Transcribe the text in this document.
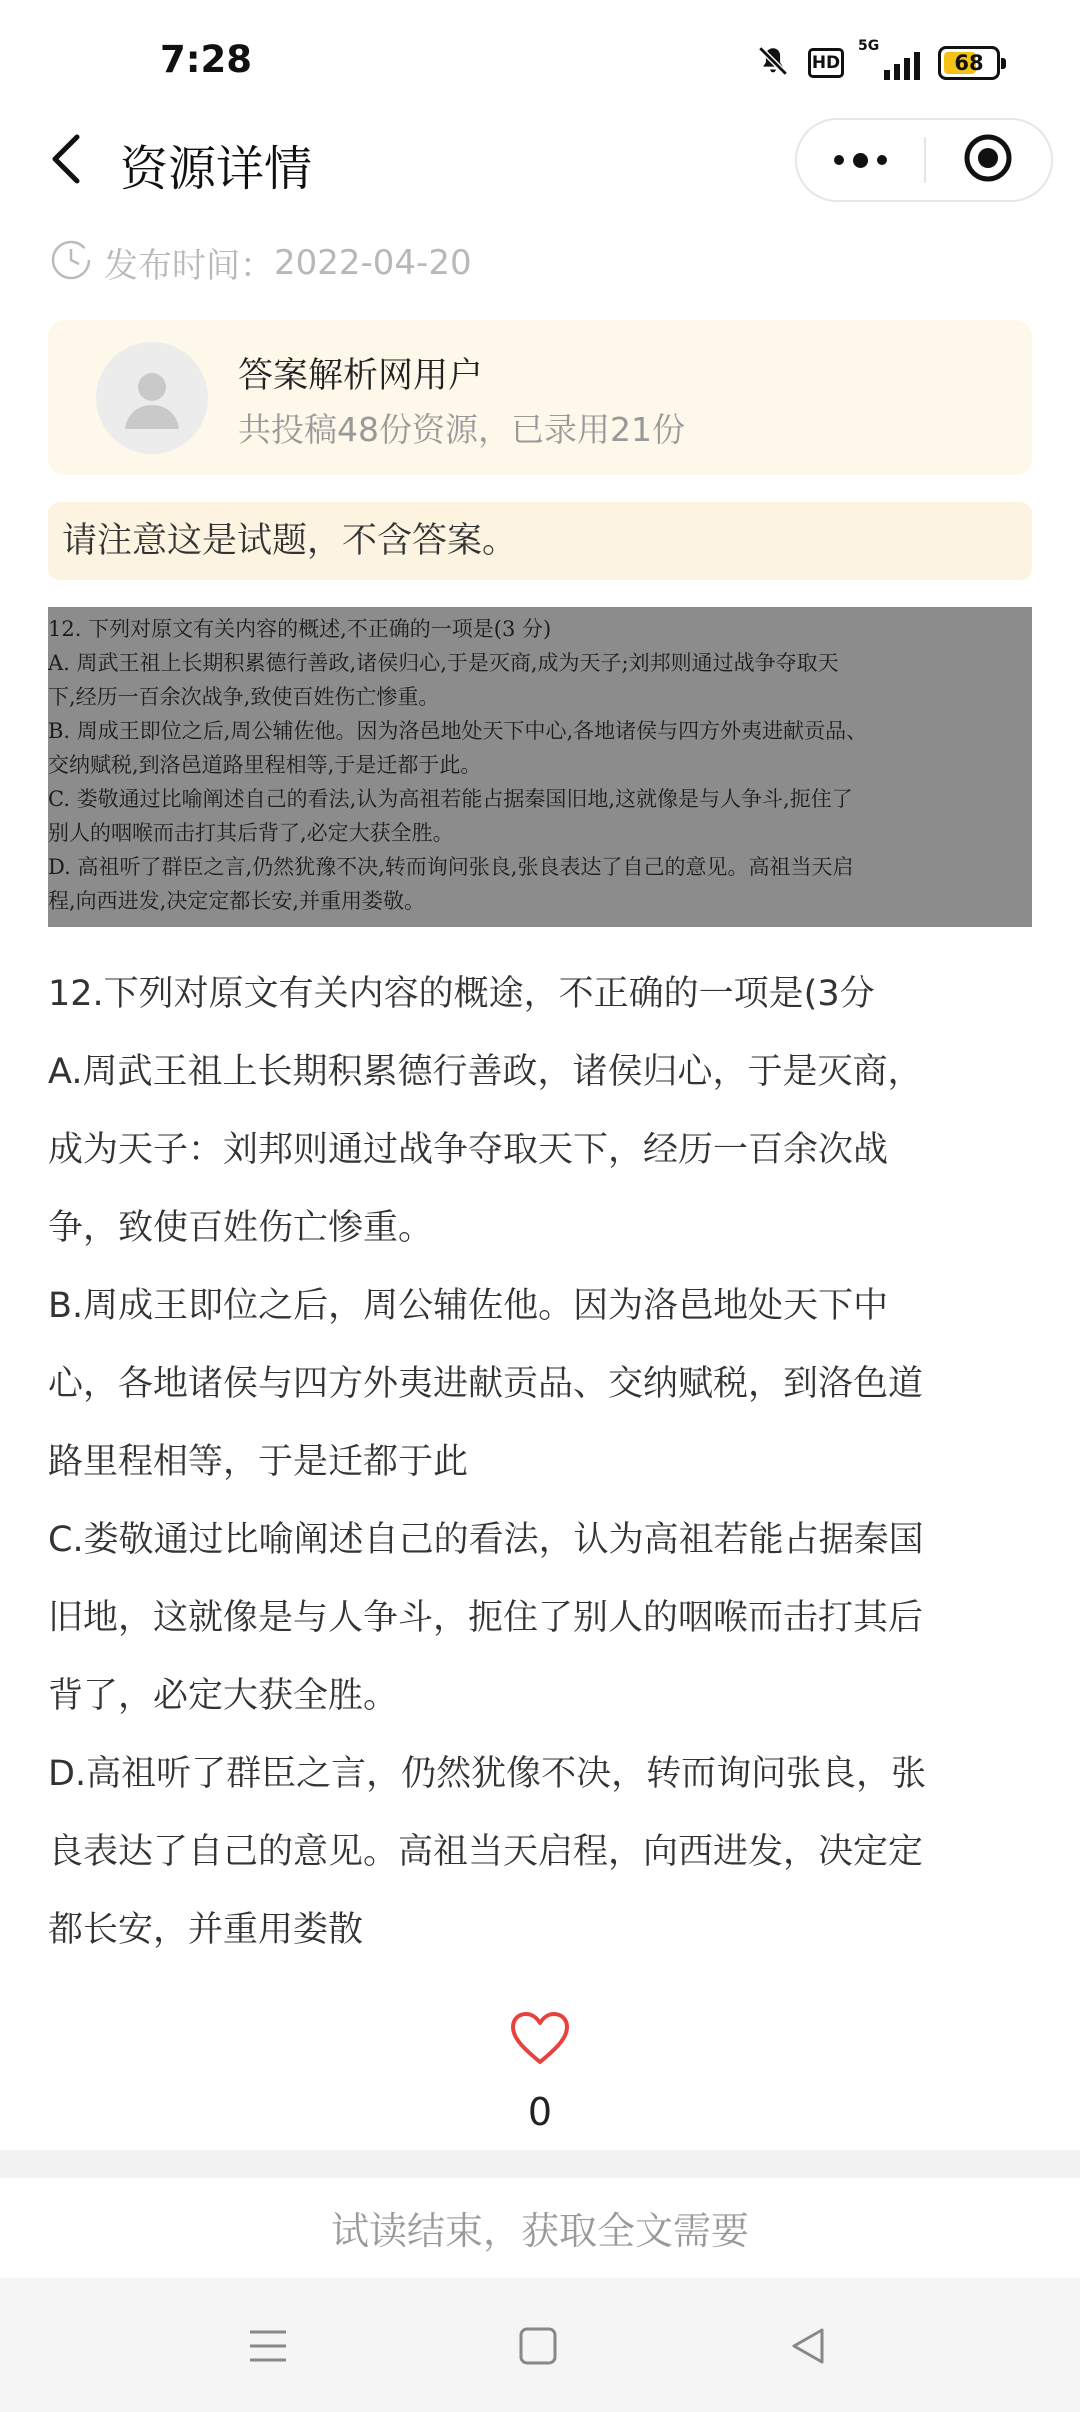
7:28	HD
5G
68
资源详情
发布时间： 2022-04-20
答案解析网用户
共投稿48份资源，已录用21份
请注意这是试题，不含答案。
12. 下列对原文有关内容的概述,不正确的一项是(3 分)
A. 周武王祖上长期积累德行善政,诸侯归心,于是灭商,成为天子;刘邦则通过战争夺取天
下,经历一百余次战争,致使百姓伤亡惨重。
B. 周成王即位之后,周公辅佐他。因为洛邑地处天下中心,各地诸侯与四方外夷进献贡品、
交纳赋税,到洛邑道路里程相等,于是迁都于此。
C. 娄敬通过比喻阐述自己的看法,认为高祖若能占据秦国旧地,这就像是与人争斗,扼住了
别人的咽喉而击打其后背了,必定大获全胜。
D. 高祖听了群臣之言,仍然犹豫不决,转而询问张良,张良表达了自己的意见。高祖当天启
程,向西进发,决定定都长安,并重用娄敬。

12.下列对原文有关内容的概途，不正确的一项是(3分

A.周武王祖上长期积累德行善政，诸侯归心，于是灭商，

成为天子：刘邦则通过战争夺取天下，经历一百余次战

争，致使百姓伤亡惨重。

B.周成王即位之后，周公辅佐他。因为洛邑地处天下中

心，各地诸侯与四方外夷进献贡品、交纳赋税，到洛色道

路里程相等，于是迁都于此

C.娄敬通过比喻阐述自己的看法，认为高祖若能占据秦国

旧地，这就像是与人争斗，扼住了别人的咽喉而击打其后

背了，必定大获全胜。

D.高祖听了群臣之言，仍然犹像不决，转而询问张良，张

良表达了自己的意见。高祖当天启程，向西进发，决定定

都长安，并重用娄散

0
试读结束，获取全文需要
